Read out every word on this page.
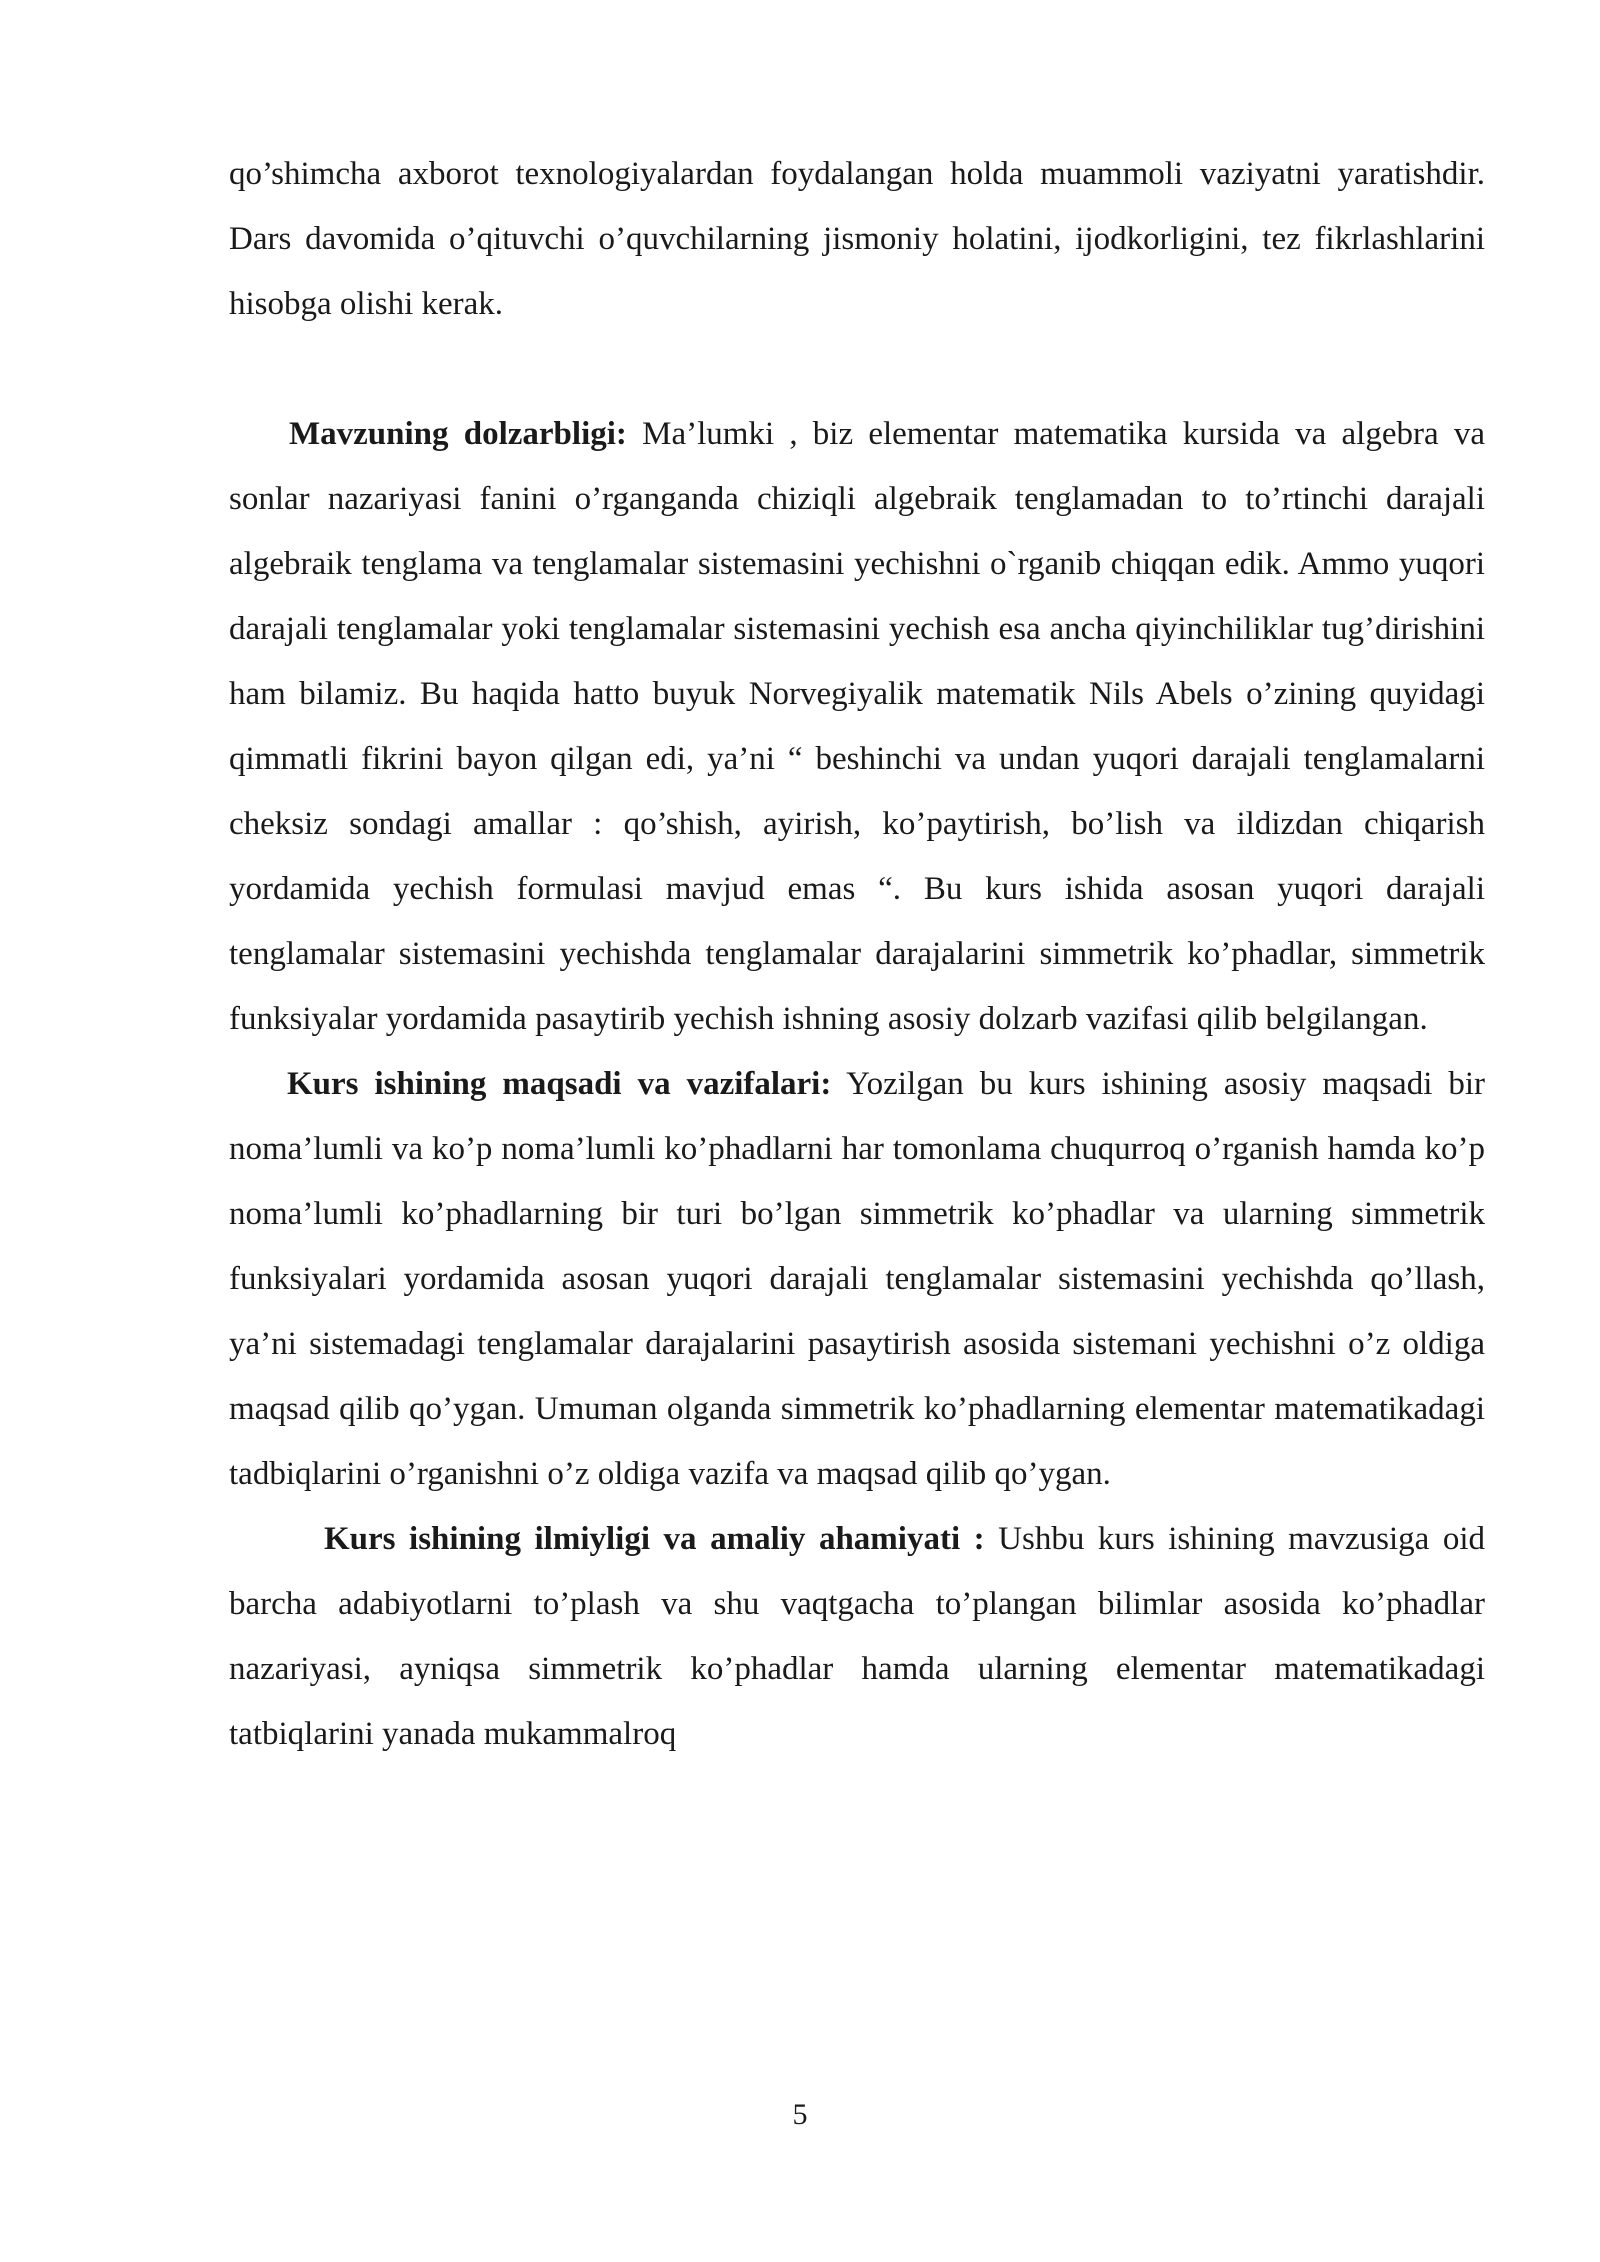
qo’shimcha axborot texnologiyalardan foydalangan holda muammoli vaziyatni yaratishdir. Dars davomida o’qituvchi o’quvchilarning jismoniy holatini, ijodkorligini, tez fikrlashlarini hisobga olishi kerak.

Mavzuning dolzarbligi: Ma’lumki , biz elementar matematika kursida va algebra va sonlar nazariyasi fanini o’rganganda chiziqli algebraik tenglamadan to to’rtinchi darajali algebraik tenglama va tenglamalar sistemasini yechishni o`rganib chiqqan edik. Ammo yuqori darajali tenglamalar yoki tenglamalar sistemasini yechish esa ancha qiyinchiliklar tug’dirishini ham bilamiz. Bu haqida hatto buyuk Norvegiyalik matematik Nils Abels o’zining quyidagi qimmatli fikrini bayon qilgan edi, ya’ni “ beshinchi va undan yuqori darajali tenglamalarni cheksiz sondagi amallar : qo’shish, ayirish, ko’paytirish, bo’lish va ildizdan chiqarish yordamida yechish formulasi mavjud emas “. Bu kurs ishida asosan yuqori darajali tenglamalar sistemasini yechishda tenglamalar darajalarini simmetrik ko’phadlar, simmetrik funksiyalar yordamida pasaytirib yechish ishning asosiy dolzarb vazifasi qilib belgilangan.

Kurs ishining maqsadi va vazifalari: Yozilgan bu kurs ishining asosiy maqsadi bir noma’lumli va ko’p noma’lumli ko’phadlarni har tomonlama chuqurroq o’rganish hamda ko’p noma’lumli ko’phadlarning bir turi bo’lgan simmetrik ko’phadlar va ularning simmetrik funksiyalari yordamida asosan yuqori darajali tenglamalar sistemasini yechishda qo’llash, ya’ni sistemadagi tenglamalar darajalarini pasaytirish asosida sistemani yechishni o’z oldiga maqsad qilib qo’ygan. Umuman olganda simmetrik ko’phadlarning elementar matematikadagi tadbiqlarini o’rganishni o’z oldiga vazifa va maqsad qilib qo’ygan.

Kurs ishining ilmiyligi va amaliy ahamiyati : Ushbu kurs ishining mavzusiga oid barcha adabiyotlarni to’plash va shu vaqtgacha to’plangan bilimlar asosida ko’phadlar nazariyasi, ayniqsa simmetrik ko’phadlar hamda ularning elementar matematikadagi tatbiqlarini yanada mukammalroq

5
